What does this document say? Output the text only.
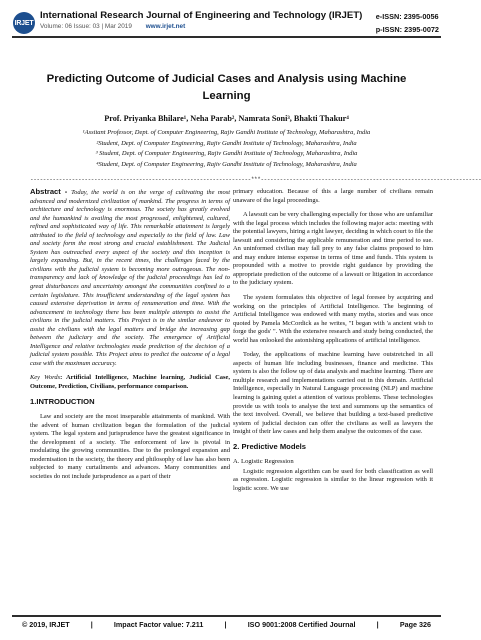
IRJET
International Research Journal of Engineering and Technology (IRJET)
Volume: 06 Issue: 03 | Mar 2019 www.irjet.net
e-ISSN: 2395-0056
p-ISSN: 2395-0072
Predicting Outcome of Judicial Cases and Analysis using Machine Learning
Prof. Priyanka Bhilare¹, Neha Parab², Namrata Soni³, Bhakti Thakur⁴
¹Assitant Professor, Dept. of Computer Engineering, Rajiv Gandhi Institute of Technology, Maharashtra, India
²Student, Dept. of Computer Engineering, Rajiv Gandhi Institute of Technology, Maharashtra, India
³ Student, Dept. of Computer Engineering, Rajiv Gandhi Institute of Technology, Maharashtra, India
⁴Student, Dept. of Computer Engineering, Rajiv Gandhi Institute of Technology, Maharashtra, India
---------------------------------------------------------------------***---------------------------------------------------------------------

Abstract - Today, the world is on the verge of cultivating the most advanced and modernized civilization of mankind. The progress in terms of architecture and technology is enormous. The society has greatly evolved and the humankind is availing the most progressed, enlightened, cultured, refined and sophisticated way of life. This remarkable attainment is largely attributed to the field of technology and especially to the field of law. Law and society form the most strong and crucial establishment. The Judicial System has outreached every aspect of the society and this inception is largely expanding. But, in the recent times, the challenges faced by the civilians with the judicial system is becoming more outrageous. The non-transparency and lack of knowledge of the judicial proceedings has led to great disturbances and uncertainty amongst the communities confined to a certain legislature. This insufficient understanding of the legal system has caused extensive deprivation in terms of renumeration and time. With the advancement in technology there has been multiple attempts to assist the civilians in the judicial matters. This Project is in the similar endeavor to assist the civilians with the legal matters and bridge the increasing gap between the judiciary and the society. The emergence of Artificial Intelligence and relative technologies made prediction of the decision of a judicial system possible. This Project aims to predict the outcome of a legal case with the maximum accuracy.

Key Words: Artificial Intelligence, Machine learning, Judicial Case, Outcome, Prediction, Civilians, performance comparison.

1.INTRODUCTION

Law and society are the most inseparable attainments of mankind. With the advent of human civilization began the formulation of the judicial system. The legal system and jurisprudence have the greatest significance in the development of a society. The enforcement of law is pivotal in modulating the growing communities. Due to the prolonged expansion and modernisation in the society, the theory and philosophy of law has also been subjected to many curtailments and advances. Many communities and societies do not include jurisprudence as a part of their

primary education. Because of this a large number of civilians remain unaware of the legal proceedings.

A lawsuit can be very challenging especially for those who are unfamiliar with the legal process which includes the following major acts: meeting with the potential lawyers, hiring a right lawyer, deciding in which court to file the lawsuit and considering the applicable remuneration and time period to sue. An uninformed civilian may fall prey to any false claims proposed to him and may endure intense expense in terms of time and funds. This system is propounded with a motive to provide right guidance by providing the appropriate prediction of the outcome of a lawsuit or litigation in accordance to the judiciary system.

The system formulates this objective of legal foresee by acquiring and working on the principles of Artificial Intelligence. The beginning of Artificial Intelligence was endowed with many myths, stories and was once quoted by Pamela McCordick as he writes, "I began with 'a ancient wish to forge the gods' ". With the extensive research and study being conducted, the world has onlooked the astonishing applications of artificial intelligence.

Today, the applications of machine learning have outstretched in all aspects of human life including businesses, finance and medicine. This system is also the follow up of data analysis and machine learning. There are multiple research and implementations carried out in this domain. Artificial Intelligence, especially in Natural Language processing (NLP) and machine learning is gaining quiet a attention of various problems. These technologies provide us with tools to analyse the text and summons up the semantics of the text involved. Overall, we believe that building a text-based predictive system of judicial decision can offer the civilians as well as lawyers the insight of their law cases and help them analyse the outcomes of the case.

2. Predictive Models
A. Logistic Regression

Logistic regression algorithm can be used for both classification as well as regression. Logistic regression is similar to the linear regression with it logistic score. We use

© 2019, IRJET	|	Impact Factor value: 7.211	|	ISO 9001:2008 Certified Journal	|	Page 326
